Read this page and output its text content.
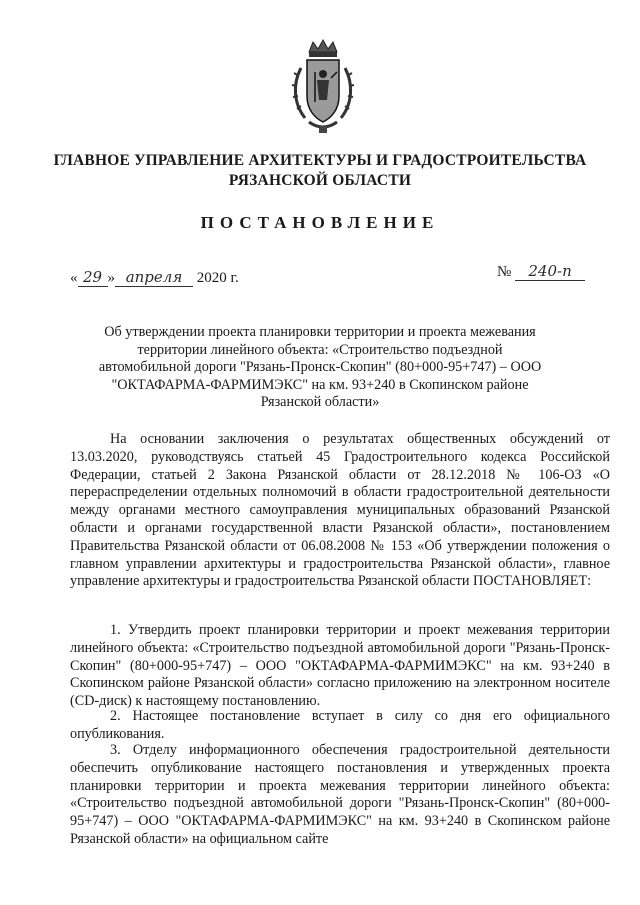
ГЛАВНОЕ УПРАВЛЕНИЕ АРХИТЕКТУРЫ И ГРАДОСТРОИТЕЛЬСТВА
РЯЗАНСКОЙ ОБЛАСТИ
ПОСТАНОВЛЕНИЕ
« 29 » апреля 2020 г.	№ 240-п
Об утверждении проекта планировки территории и проекта межевания территории линейного объекта: «Строительство подъездной автомобильной дороги "Рязань-Пронск-Скопин" (80+000-95+747) – ООО "ОКТАФАРМА-ФАРМИМЭКС" на км. 93+240 в Скопинском районе Рязанской области»
На основании заключения о результатах общественных обсуждений от 13.03.2020, руководствуясь статьей 45 Градостроительного кодекса Российской Федерации, статьей 2 Закона Рязанской области от 28.12.2018 № 106-ОЗ «О перераспределении отдельных полномочий в области градостроительной деятельности между органами местного самоуправления муниципальных образований Рязанской области и органами государственной власти Рязанской области», постановлением Правительства Рязанской области от 06.08.2008 № 153 «Об утверждении положения о главном управлении архитектуры и градостроительства Рязанской области», главное управление архитектуры и градостроительства Рязанской области ПОСТАНОВЛЯЕТ:
1. Утвердить проект планировки территории и проект межевания территории линейного объекта: «Строительство подъездной автомобильной дороги "Рязань-Пронск-Скопин" (80+000-95+747) – ООО "ОКТАФАРМА-ФАРМИМЭКС" на км. 93+240 в Скопинском районе Рязанской области» согласно приложению на электронном носителе (CD-диск) к настоящему постановлению.
2. Настоящее постановление вступает в силу со дня его официального опубликования.
3. Отделу информационного обеспечения градостроительной деятельности обеспечить опубликование настоящего постановления и утвержденных проекта планировки территории и проекта межевания территории линейного объекта: «Строительство подъездной автомобильной дороги "Рязань-Пронск-Скопин" (80+000-95+747) – ООО "ОКТАФАРМА-ФАРМИМЭКС" на км. 93+240 в Скопинском районе Рязанской области» на официальном сайте
